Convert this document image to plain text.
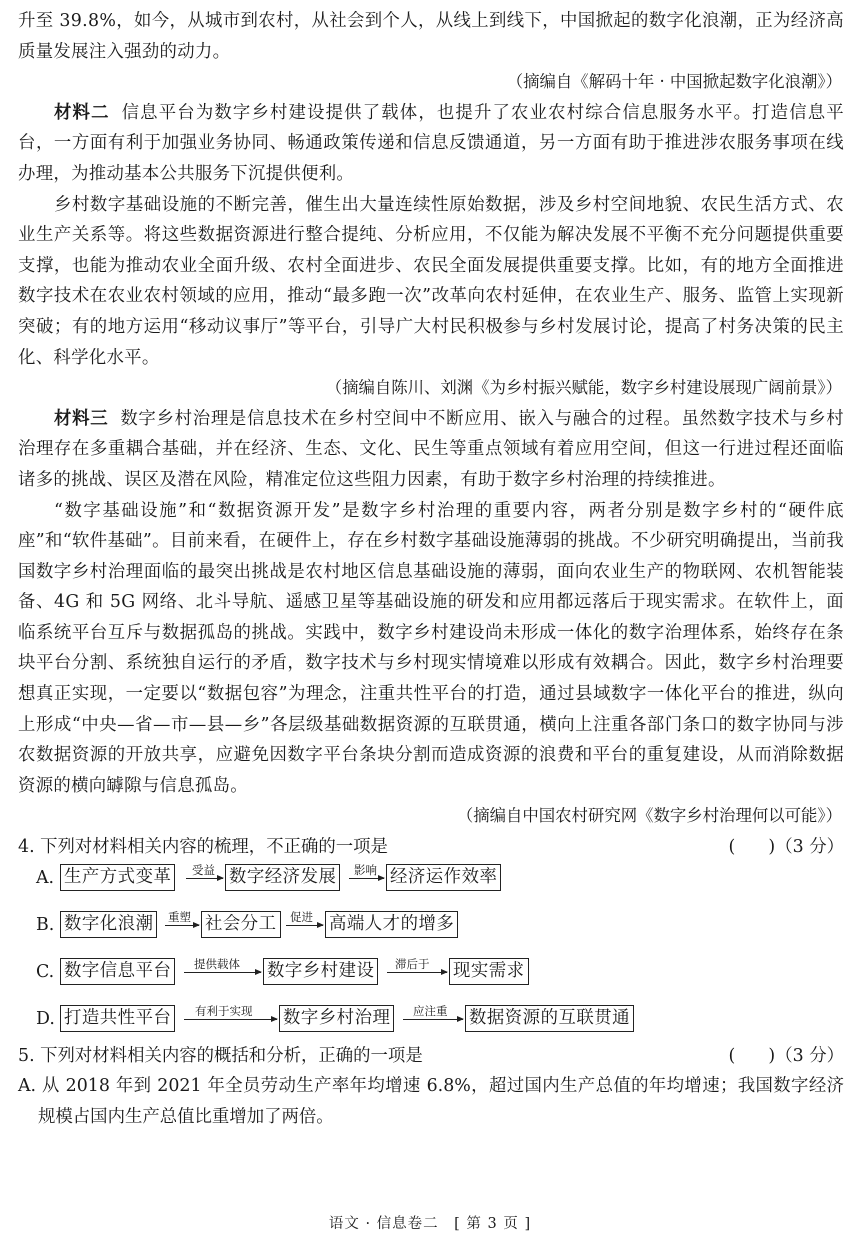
升至 39.8%，如今，从城市到农村，从社会到个人，从线上到线下，中国掀起的数字化浪潮，正为经济高质量发展注入强劲的动力。

（摘编自《解码十年 · 中国掀起数字化浪潮》）

材料二 信息平台为数字乡村建设提供了载体，也提升了农业农村综合信息服务水平。打造信息平台，一方面有利于加强业务协同、畅通政策传递和信息反馈通道，另一方面有助于推进涉农服务事项在线办理，为推动基本公共服务下沉提供便利。

乡村数字基础设施的不断完善，催生出大量连续性原始数据，涉及乡村空间地貌、农民生活方式、农业生产关系等。将这些数据资源进行整合提纯、分析应用，不仅能为解决发展不平衡不充分问题提供重要支撑，也能为推动农业全面升级、农村全面进步、农民全面发展提供重要支撑。比如，有的地方全面推进数字技术在农业农村领域的应用，推动“最多跑一次”改革向农村延伸，在农业生产、服务、监管上实现新突破；有的地方运用“移动议事厅”等平台，引导广大村民积极参与乡村发展讨论，提高了村务决策的民主化、科学化水平。

（摘编自陈川、刘渊《为乡村振兴赋能，数字乡村建设展现广阔前景》）

材料三 数字乡村治理是信息技术在乡村空间中不断应用、嵌入与融合的过程。虽然数字技术与乡村治理存在多重耦合基础，并在经济、生态、文化、民生等重点领域有着应用空间，但这一行进过程还面临诸多的挑战、误区及潜在风险，精准定位这些阻力因素，有助于数字乡村治理的持续推进。

“数字基础设施”和“数据资源开发”是数字乡村治理的重要内容，两者分别是数字乡村的“硬件底座”和“软件基础”。目前来看，在硬件上，存在乡村数字基础设施薄弱的挑战。不少研究明确提出，当前我国数字乡村治理面临的最突出挑战是农村地区信息基础设施的薄弱，面向农业生产的物联网、农机智能装备、4G 和 5G 网络、北斗导航、遥感卫星等基础设施的研发和应用都远落后于现实需求。在软件上，面临系统平台互斥与数据孤岛的挑战。实践中，数字乡村建设尚未形成一体化的数字治理体系，始终存在条块平台分割、系统独自运行的矛盾，数字技术与乡村现实情境难以形成有效耦合。因此，数字乡村治理要想真正实现，一定要以“数据包容”为理念，注重共性平台的打造，通过县域数字一体化平台的推进，纵向上形成“中央—省—市—县—乡”各层级基础数据资源的互联贯通，横向上注重各部门条口的数字协同与涉农数据资源的开放共享，应避免因数字平台条块分割而造成资源的浪费和平台的重复建设，从而消除数据资源的横向罅隙与信息孤岛。

（摘编自中国农村研究网《数字乡村治理何以可能》）

4. 下列对材料相关内容的梳理，不正确的一项是	(      )（3 分）
A. 生产方式变革	受益 数字经济发展	影响 经济运作效率
B. 数字化浪潮	重塑 社会分工	促进 高端人才的增多
C. 数字信息平台	提供载体 数字乡村建设	滞后于 现实需求
D. 打造共性平台	有利于实现 数字乡村治理	应注重 数据资源的互联贯通
5. 下列对材料相关内容的概括和分析，正确的一项是	(      )（3 分）

A. 从 2018 年到 2021 年全员劳动生产率年均增速 6.8%，超过国内生产总值的年均增速；我国数字经济规模占国内生产总值比重增加了两倍。

语文 · 信息卷二　[ 第 3 页 ]
